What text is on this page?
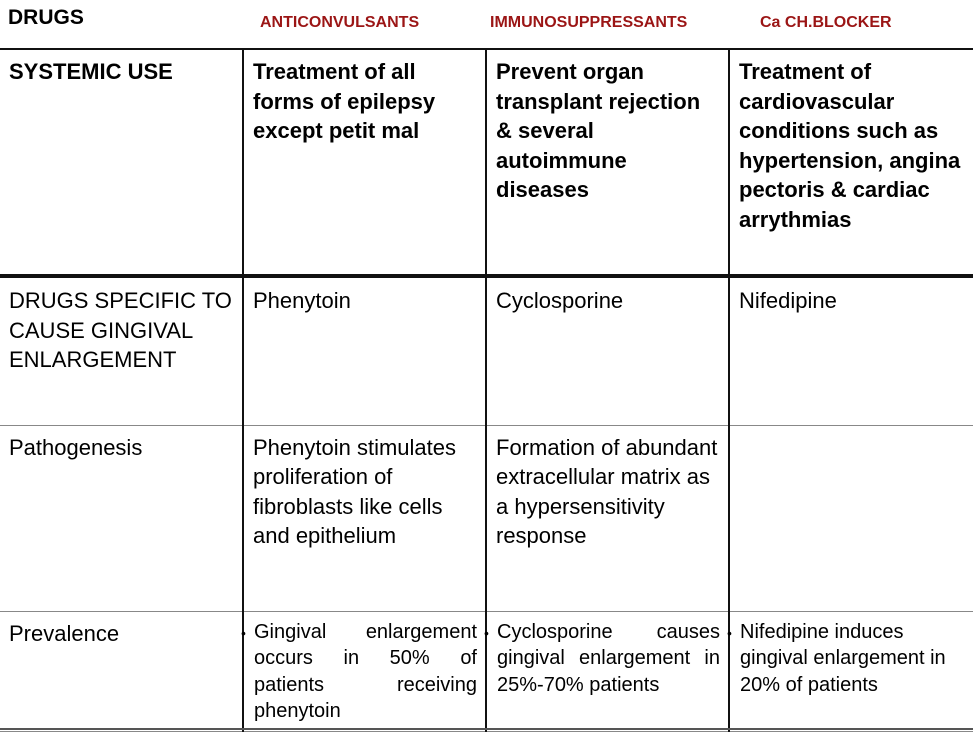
DRUGS	ANTICONVULSANTS	IMMUNOSUPPRESSANTS	Ca CH.BLOCKER
SYSTEMIC USE	Treatment of all forms of epilepsy except petit mal	Prevent organ transplant rejection & several autoimmune diseases	Treatment of cardiovascular conditions such as hypertension, angina pectoris & cardiac arrythmias
DRUGS SPECIFIC TO CAUSE GINGIVAL ENLARGEMENT	Phenytoin	Cyclosporine	Nifedipine
Pathogenesis	Phenytoin stimulates proliferation of fibroblasts like cells and epithelium	Formation of abundant extracellular matrix as a hypersensitivity response	
Prevalence	• Gingival enlargement occurs in 50% of patients receiving phenytoin	• Cyclosporine causes gingival enlargement in 25%-70% patients	• Nifedipine induces gingival enlargement in 20% of patients
